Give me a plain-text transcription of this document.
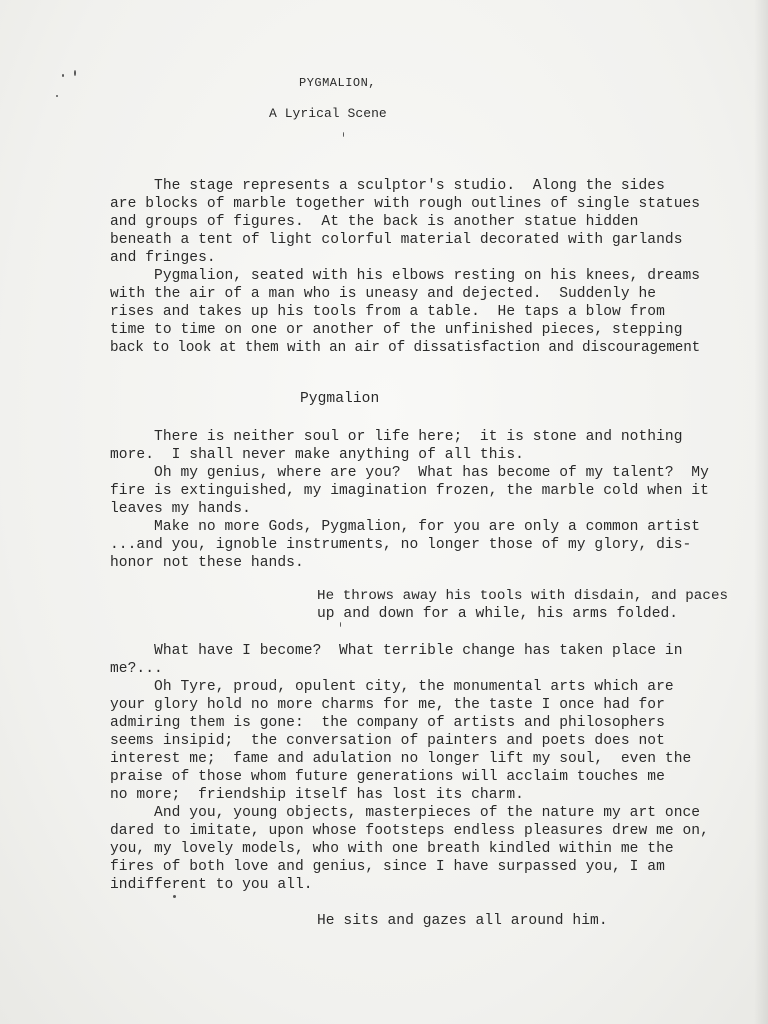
PYGMALION,
A Lyrical Scene
The stage represents a sculptor's studio.  Along the sides
are blocks of marble together with rough outlines of single statues
and groups of figures.  At the back is another statue hidden
beneath a tent of light colorful material decorated with garlands
and fringes.
Pygmalion, seated with his elbows resting on his knees, dreams
with the air of a man who is uneasy and dejected.  Suddenly he
rises and takes up his tools from a table.  He taps a blow from
time to time on one or another of the unfinished pieces, stepping
back to look at them with an air of dissatisfaction and discouragement
Pygmalion
There is neither soul or life here;  it is stone and nothing
more.  I shall never make anything of all this.
Oh my genius, where are you?  What has become of my talent?  My
fire is extinguished, my imagination frozen, the marble cold when it
leaves my hands.
Make no more Gods, Pygmalion, for you are only a common artist
...and you, ignoble instruments, no longer those of my glory, dis-
honor not these hands.
He throws away his tools with disdain, and paces
up and down for a while, his arms folded.
What have I become?  What terrible change has taken place in
me?...
Oh Tyre, proud, opulent city, the monumental arts which are
your glory hold no more charms for me, the taste I once had for
admiring them is gone:  the company of artists and philosophers
seems insipid;  the conversation of painters and poets does not
interest me;  fame and adulation no longer lift my soul,  even the
praise of those whom future generations will acclaim touches me
no more;  friendship itself has lost its charm.
And you, young objects, masterpieces of the nature my art once
dared to imitate, upon whose footsteps endless pleasures drew me on,
you, my lovely models, who with one breath kindled within me the
fires of both love and genius, since I have surpassed you, I am
indifferent to you all.
He sits and gazes all around him.
